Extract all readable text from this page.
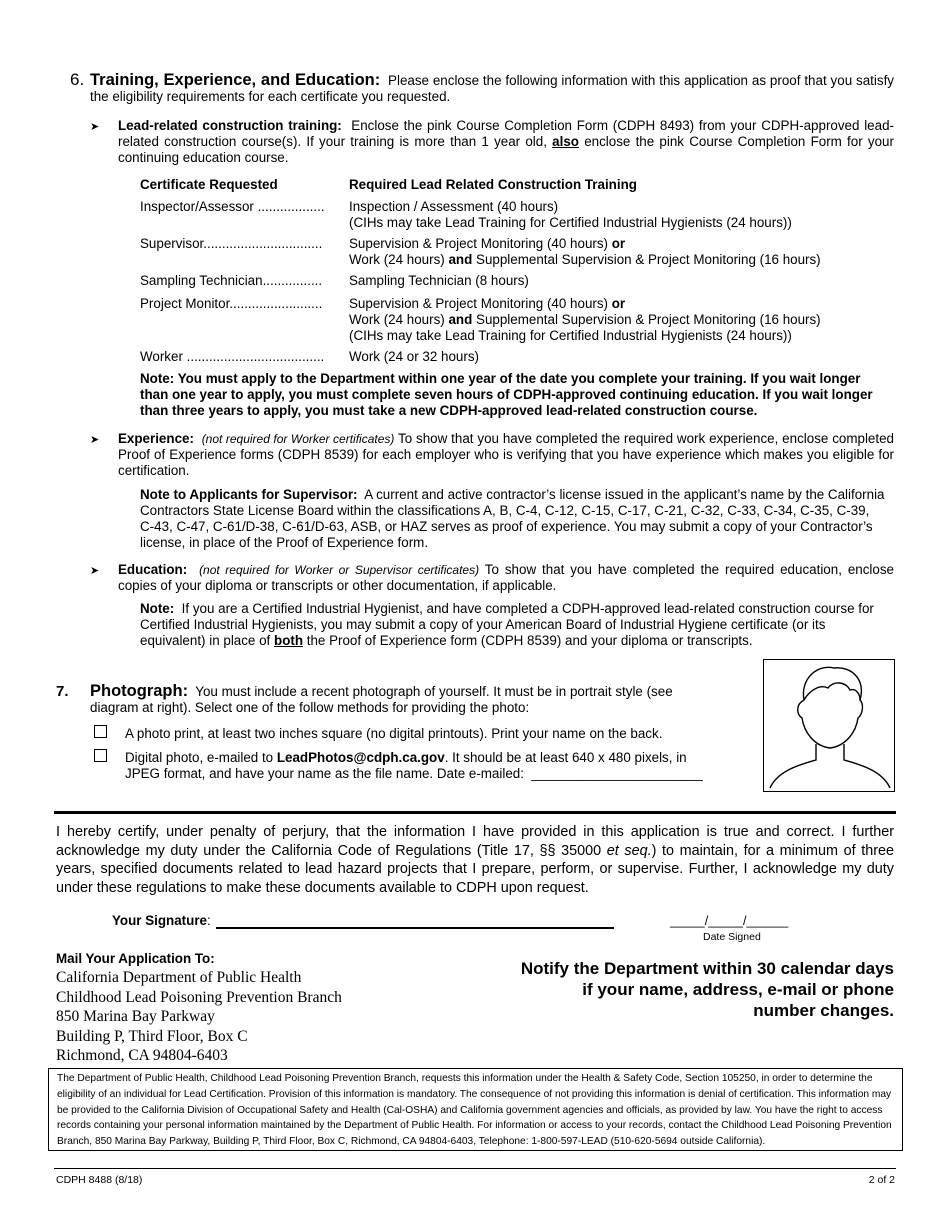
6. Training, Experience, and Education: Please enclose the following information with this application as proof that you satisfy the eligibility requirements for each certificate you requested.
➤ Lead-related construction training: Enclose the pink Course Completion Form (CDPH 8493) from your CDPH-approved lead-related construction course(s). If your training is more than 1 year old, also enclose the pink Course Completion Form for your continuing education course.
Certificate Requested	Required Lead Related Construction Training
Inspector/Assessor ..................	Inspection / Assessment (40 hours)
(CIHs may take Lead Training for Certified Industrial Hygienists (24 hours))
Supervisor................................	Supervision & Project Monitoring (40 hours) or
Work (24 hours) and Supplemental Supervision & Project Monitoring (16 hours)
Sampling Technician................	Sampling Technician (8 hours)
Project Monitor.........................	Supervision & Project Monitoring (40 hours) or
Work (24 hours) and Supplemental Supervision & Project Monitoring (16 hours)
(CIHs may take Lead Training for Certified Industrial Hygienists (24 hours))
Worker .....................................	Work (24 or 32 hours)
Note: You must apply to the Department within one year of the date you complete your training. If you wait longer than one year to apply, you must complete seven hours of CDPH-approved continuing education. If you wait longer than three years to apply, you must take a new CDPH-approved lead-related construction course.
➤ Experience: (not required for Worker certificates) To show that you have completed the required work experience, enclose completed Proof of Experience forms (CDPH 8539) for each employer who is verifying that you have experience which makes you eligible for certification.
Note to Applicants for Supervisor: A current and active contractor’s license issued in the applicant’s name by the California Contractors State License Board within the classifications A, B, C-4, C-12, C-15, C-17, C-21, C-32, C-33, C-34, C-35, C-39, C-43, C-47, C-61/D-38, C-61/D-63, ASB, or HAZ serves as proof of experience. You may submit a copy of your Contractor’s license, in place of the Proof of Experience form.
➤ Education: (not required for Worker or Supervisor certificates) To show that you have completed the required education, enclose copies of your diploma or transcripts or other documentation, if applicable.
Note: If you are a Certified Industrial Hygienist, and have completed a CDPH-approved lead-related construction course for Certified Industrial Hygienists, you may submit a copy of your American Board of Industrial Hygiene certificate (or its equivalent) in place of both the Proof of Experience form (CDPH 8539) and your diploma or transcripts.
7. Photograph: You must include a recent photograph of yourself. It must be in portrait style (see diagram at right). Select one of the follow methods for providing the photo:
A photo print, at least two inches square (no digital printouts). Print your name on the back.
Digital photo, e-mailed to LeadPhotos@cdph.ca.gov. It should be at least 640 x 480 pixels, in
JPEG format, and have your name as the file name. Date e-mailed: _______________________
I hereby certify, under penalty of perjury, that the information I have provided in this application is true and correct. I further acknowledge my duty under the California Code of Regulations (Title 17, §§ 35000 et seq.) to maintain, for a minimum of three years, specified documents related to lead hazard projects that I prepare, perform, or supervise. Further, I acknowledge my duty under these regulations to make these documents available to CDPH upon request.
Your Signature:	_____/_____/______
Date Signed
Mail Your Application To:
California Department of Public Health
Childhood Lead Poisoning Prevention Branch
850 Marina Bay Parkway
Building P, Third Floor, Box C
Richmond, CA 94804-6403
Notify the Department within 30 calendar days if your name, address, e-mail or phone number changes.
The Department of Public Health, Childhood Lead Poisoning Prevention Branch, requests this information under the Health & Safety Code, Section 105250, in order to determine the eligibility of an individual for Lead Certification. Provision of this information is mandatory. The consequence of not providing this information is denial of certification. This information may be provided to the California Division of Occupational Safety and Health (Cal-OSHA) and California government agencies and officials, as provided by law. You have the right to access records containing your personal information maintained by the Department of Public Health. For information or access to your records, contact the Childhood Lead Poisoning Prevention Branch, 850 Marina Bay Parkway, Building P, Third Floor, Box C, Richmond, CA 94804-6403, Telephone: 1-800-597-LEAD (510-620-5694 outside California).
CDPH 8488 (8/18)	2 of 2
